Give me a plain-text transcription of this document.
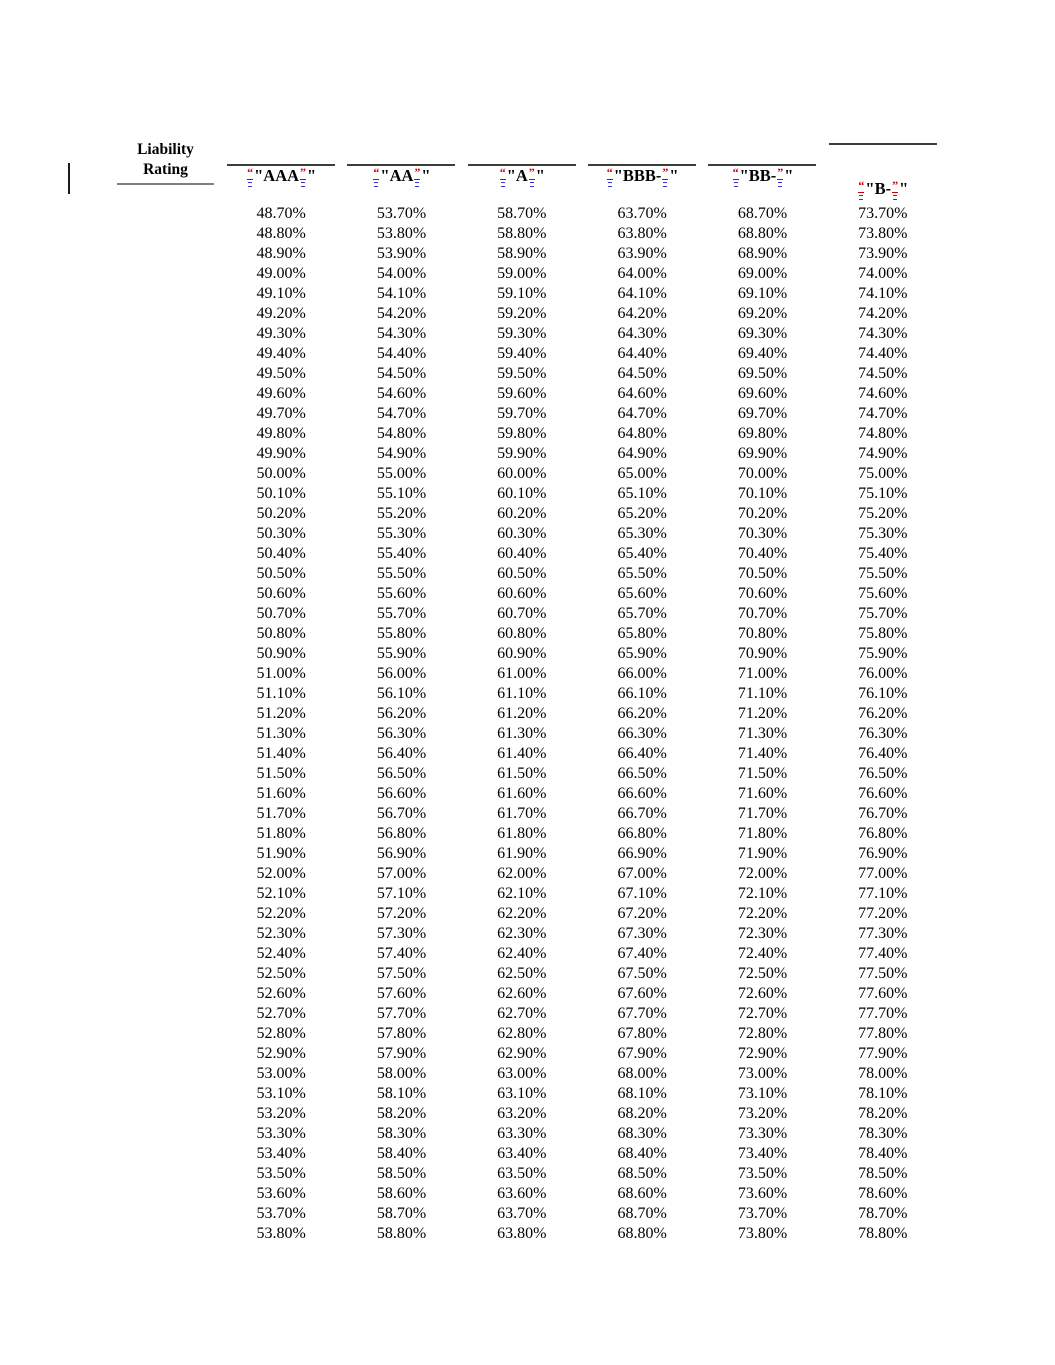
Liability
Rating	“"AAA”"	“"AA”"	“"A”"	“"BBB-”"	“"BB-”"	“"B-”"
48.70%	53.70%	58.70%	63.70%	68.70%	73.70%
48.80%	53.80%	58.80%	63.80%	68.80%	73.80%
48.90%	53.90%	58.90%	63.90%	68.90%	73.90%
49.00%	54.00%	59.00%	64.00%	69.00%	74.00%
49.10%	54.10%	59.10%	64.10%	69.10%	74.10%
49.20%	54.20%	59.20%	64.20%	69.20%	74.20%
49.30%	54.30%	59.30%	64.30%	69.30%	74.30%
49.40%	54.40%	59.40%	64.40%	69.40%	74.40%
49.50%	54.50%	59.50%	64.50%	69.50%	74.50%
49.60%	54.60%	59.60%	64.60%	69.60%	74.60%
49.70%	54.70%	59.70%	64.70%	69.70%	74.70%
49.80%	54.80%	59.80%	64.80%	69.80%	74.80%
49.90%	54.90%	59.90%	64.90%	69.90%	74.90%
50.00%	55.00%	60.00%	65.00%	70.00%	75.00%
50.10%	55.10%	60.10%	65.10%	70.10%	75.10%
50.20%	55.20%	60.20%	65.20%	70.20%	75.20%
50.30%	55.30%	60.30%	65.30%	70.30%	75.30%
50.40%	55.40%	60.40%	65.40%	70.40%	75.40%
50.50%	55.50%	60.50%	65.50%	70.50%	75.50%
50.60%	55.60%	60.60%	65.60%	70.60%	75.60%
50.70%	55.70%	60.70%	65.70%	70.70%	75.70%
50.80%	55.80%	60.80%	65.80%	70.80%	75.80%
50.90%	55.90%	60.90%	65.90%	70.90%	75.90%
51.00%	56.00%	61.00%	66.00%	71.00%	76.00%
51.10%	56.10%	61.10%	66.10%	71.10%	76.10%
51.20%	56.20%	61.20%	66.20%	71.20%	76.20%
51.30%	56.30%	61.30%	66.30%	71.30%	76.30%
51.40%	56.40%	61.40%	66.40%	71.40%	76.40%
51.50%	56.50%	61.50%	66.50%	71.50%	76.50%
51.60%	56.60%	61.60%	66.60%	71.60%	76.60%
51.70%	56.70%	61.70%	66.70%	71.70%	76.70%
51.80%	56.80%	61.80%	66.80%	71.80%	76.80%
51.90%	56.90%	61.90%	66.90%	71.90%	76.90%
52.00%	57.00%	62.00%	67.00%	72.00%	77.00%
52.10%	57.10%	62.10%	67.10%	72.10%	77.10%
52.20%	57.20%	62.20%	67.20%	72.20%	77.20%
52.30%	57.30%	62.30%	67.30%	72.30%	77.30%
52.40%	57.40%	62.40%	67.40%	72.40%	77.40%
52.50%	57.50%	62.50%	67.50%	72.50%	77.50%
52.60%	57.60%	62.60%	67.60%	72.60%	77.60%
52.70%	57.70%	62.70%	67.70%	72.70%	77.70%
52.80%	57.80%	62.80%	67.80%	72.80%	77.80%
52.90%	57.90%	62.90%	67.90%	72.90%	77.90%
53.00%	58.00%	63.00%	68.00%	73.00%	78.00%
53.10%	58.10%	63.10%	68.10%	73.10%	78.10%
53.20%	58.20%	63.20%	68.20%	73.20%	78.20%
53.30%	58.30%	63.30%	68.30%	73.30%	78.30%
53.40%	58.40%	63.40%	68.40%	73.40%	78.40%
53.50%	58.50%	63.50%	68.50%	73.50%	78.50%
53.60%	58.60%	63.60%	68.60%	73.60%	78.60%
53.70%	58.70%	63.70%	68.70%	73.70%	78.70%
53.80%	58.80%	63.80%	68.80%	73.80%	78.80%
